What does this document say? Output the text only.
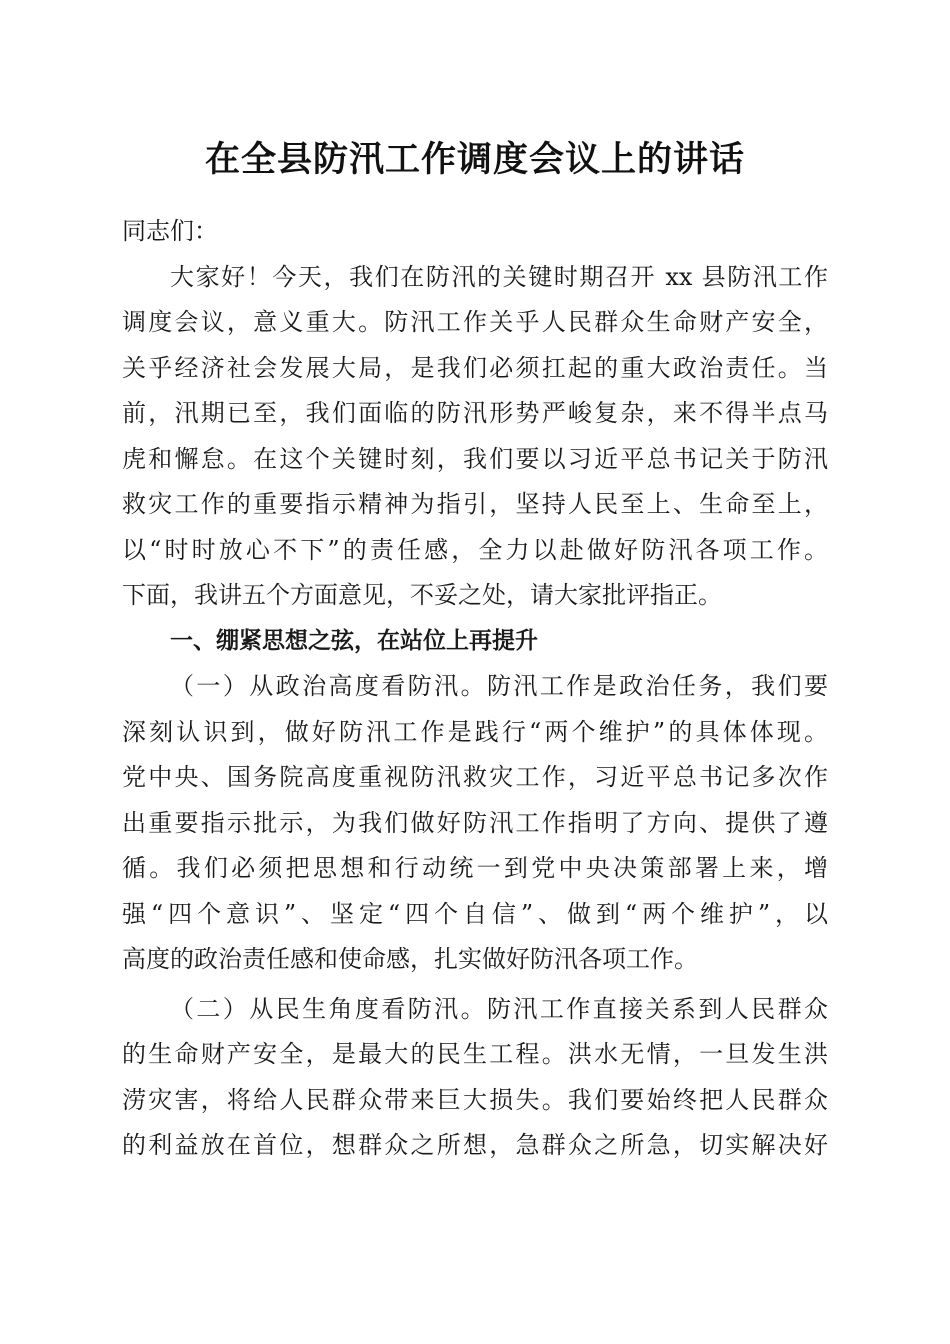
在全县防汛工作调度会议上的讲话
同志们：
大家好！今天，我们在防汛的关键时期召开 xx 县防汛工作
调度会议，意义重大。防汛工作关乎人民群众生命财产安全，
关乎经济社会发展大局，是我们必须扛起的重大政治责任。当
前，汛期已至，我们面临的防汛形势严峻复杂，来不得半点马
虎和懈怠。在这个关键时刻，我们要以习近平总书记关于防汛
救灾工作的重要指示精神为指引，坚持人民至上、生命至上，
以“时时放心不下”的责任感，全力以赴做好防汛各项工作。
下面，我讲五个方面意见，不妥之处，请大家批评指正。
一、绷紧思想之弦，在站位上再提升
（一）从政治高度看防汛。防汛工作是政治任务，我们要
深刻认识到，做好防汛工作是践行“两个维护”的具体体现。
党中央、国务院高度重视防汛救灾工作，习近平总书记多次作
出重要指示批示，为我们做好防汛工作指明了方向、提供了遵
循。我们必须把思想和行动统一到党中央决策部署上来，增
强“四个意识”、坚定“四个自信”、做到“两个维护”，以
高度的政治责任感和使命感，扎实做好防汛各项工作。
（二）从民生角度看防汛。防汛工作直接关系到人民群众
的生命财产安全，是最大的民生工程。洪水无情，一旦发生洪
涝灾害，将给人民群众带来巨大损失。我们要始终把人民群众
的利益放在首位，想群众之所想，急群众之所急，切实解决好
